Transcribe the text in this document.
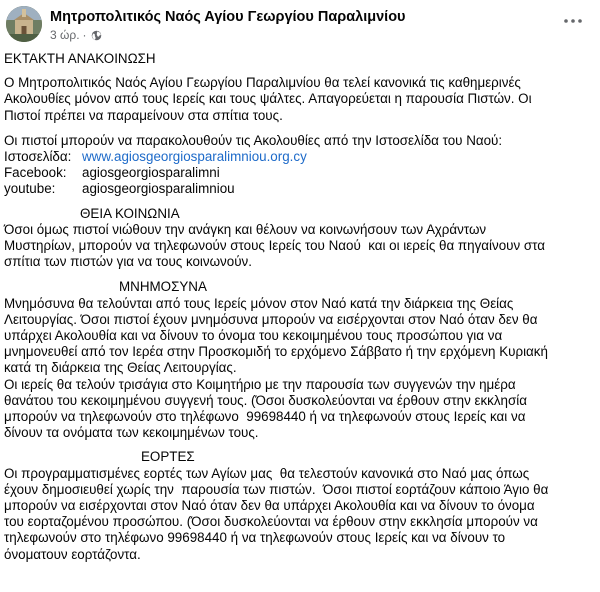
Μητροπολιτικός Ναός Αγίου Γεωργίου Παραλιμνίου
3 ώρ. ·

ΕΚΤΑΚΤΗ ΑΝΑΚΟΙΝΩΣΗ

Ο Μητροπολιτικός Ναός Αγίου Γεωργίου Παραλιμνίου θα τελεί κανονικά τις καθημερινές

Ακολουθίες μόνον από τους Ιερείς και τους ψάλτες. Απαγορεύεται η παρουσία Πιστών. Οι

Πιστοί πρέπει να παραμείνουν στα σπίτια τους.

Οι πιστοί μπορούν να παρακολουθούν τις Ακολουθίες από την Ιστοσελίδα του Ναού:

Ιστοσελίδα: www.agiosgeorgiosparalimniou.org.cy

Facebook: agiosgeorgiosparalimni

youtube: agiosgeorgiosparalimniou

ΘΕΙΑ ΚΟΙΝΩΝΙΑ

Όσοι όμως πιστοί νιώθουν την ανάγκη και θέλουν να κοινωνήσουν των Αχράντων

Μυστηρίων, μπορούν να τηλεφωνούν στους Ιερείς του Ναού  και οι ιερείς θα πηγαίνουν στα

σπίτια των πιστών για να τους κοινωνούν.

ΜΝΗΜΟΣΥΝΑ

Μνημόσυνα θα τελούνται από τους Ιερείς μόνον στον Ναό κατά την διάρκεια της Θείας

Λειτουργίας. Όσοι πιστοί έχουν μνημόσυνα μπορούν να εισέρχονται στον Ναό όταν δεν θα

υπάρχει Ακολουθία και να δίνουν το όνομα του κεκοιμημένου τους προσώπου για να

μνημονευθεί από τον Ιερέα στην Προσκομιδή το ερχόμενο Σάββατο ή την ερχόμενη Κυριακή

κατά τη διάρκεια της Θείας Λειτουργίας.

Οι ιερείς θα τελούν τρισάγια στο Κοιμητήριο με την παρουσία των συγγενών την ημέρα

θανάτου του κεκοιμημένου συγγενή τους. (Όσοι δυσκολεύονται να έρθουν στην εκκλησία

μπορούν να τηλεφωνούν στο τηλέφωνο  99698440 ή να τηλεφωνούν στους Ιερείς και να

δίνουν τα ονόματα των κεκοιμημένων τους.

ΕΟΡΤΕΣ

Οι προγραμματισμένες εορτές των Αγίων μας  θα τελεστούν κανονικά στο Ναό μας όπως

έχουν δημοσιευθεί χωρίς την  παρουσία των πιστών.  Όσοι πιστοί εορτάζουν κάποιο Άγιο θα

μπορούν να εισέρχονται στον Ναό όταν δεν θα υπάρχει Ακολουθία και να δίνουν το όνομα

του εορταζομένου προσώπου. (Όσοι δυσκολεύονται να έρθουν στην εκκλησία μπορούν να

τηλεφωνούν στο τηλέφωνο 99698440 ή να τηλεφωνούν στους Ιερείς και να δίνουν το

όνοματουν εορτάζοντα.
